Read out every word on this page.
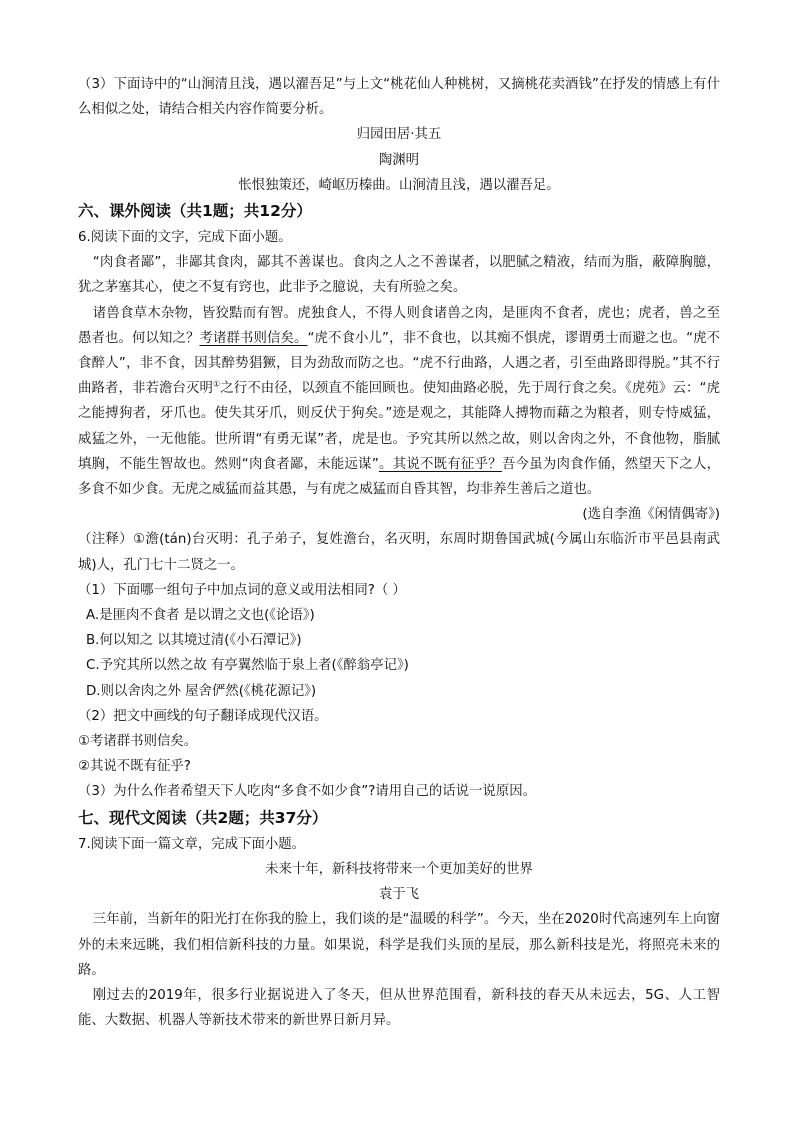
（3）下面诗中的“山涧清且浅，遇以濯吾足”与上文“桃花仙人种桃树，又摘桃花卖酒钱”在抒发的情感上有什么相似之处，请结合相关内容作简要分析。

归园田居·其五

陶渊明

怅恨独策还，崎岖历榛曲。山涧清且浅，遇以濯吾足。

六、课外阅读（共1题；共12分）

6.阅读下面的文字，完成下面小题。

“肉食者鄙”，非鄙其食肉，鄙其不善谋也。食肉之人之不善谋者，以肥腻之精液，结而为脂，蔽障胸臆，犹之茅塞其心，使之不复有窍也，此非予之臆说，夫有所验之矣。

诸兽食草木杂物，皆狡黠而有智。虎独食人，不得人则食诸兽之肉，是匪肉不食者，虎也；虎者，兽之至愚者也。何以知之？考诸群书则信矣。“虎不食小儿”，非不食也，以其痴不惧虎，谬谓勇士而避之也。“虎不食醉人”，非不食，因其醉势猖獗，目为劲敌而防之也。“虎不行曲路，人遇之者，引至曲路即得脱。”其不行曲路者，非若澹台灭明①之行不由径，以颈直不能回顾也。使知曲路必脱，先于周行食之矣。《虎苑》云：“虎之能搏狗者，牙爪也。使失其牙爪，则反伏于狗矣。”迹是观之，其能降人搏物而藉之为粮者，则专恃威猛，威猛之外，一无他能。世所谓“有勇无谋”者，虎是也。予究其所以然之故，则以舍肉之外，不食他物，脂腻填胸，不能生智故也。然则“肉食者鄙，未能远谋”。其说不既有征乎？吾今虽为肉食作俑，然望天下之人，多食不如少食。无虎之威猛而益其愚，与有虎之威猛而自昏其智，均非养生善后之道也。

(选自李渔《闲情偶寄》)

（注释）①澹(tán)台灭明：孔子弟子，复姓澹台，名灭明，东周时期鲁国武城(今属山东临沂市平邑县南武城)人，孔门七十二贤之一。

（1）下面哪一组句子中加点词的意义或用法相同?（ ）

A.是匪肉不食者 是以谓之文也(《论语》)

B.何以知之 以其境过清(《小石潭记》)

C.予究其所以然之故 有亭翼然临于泉上者(《醉翁亭记》)

D.则以舍肉之外 屋舍俨然(《桃花源记》)

（2）把文中画线的句子翻译成现代汉语。

①考诸群书则信矣。

②其说不既有征乎?

（3）为什么作者希望天下人吃肉“多食不如少食”?请用自己的话说一说原因。

七、现代文阅读（共2题；共37分）

7.阅读下面一篇文章，完成下面小题。

未来十年，新科技将带来一个更加美好的世界

袁于飞

三年前，当新年的阳光打在你我的脸上，我们谈的是“温暖的科学”。今天，坐在2020时代高速列车上向窗外的未来远眺，我们相信新科技的力量。如果说，科学是我们头顶的星辰，那么新科技是光，将照亮未来的路。

刚过去的2019年，很多行业据说进入了冬天，但从世界范围看，新科技的春天从未远去，5G、人工智能、大数据、机器人等新技术带来的新世界日新月异。
